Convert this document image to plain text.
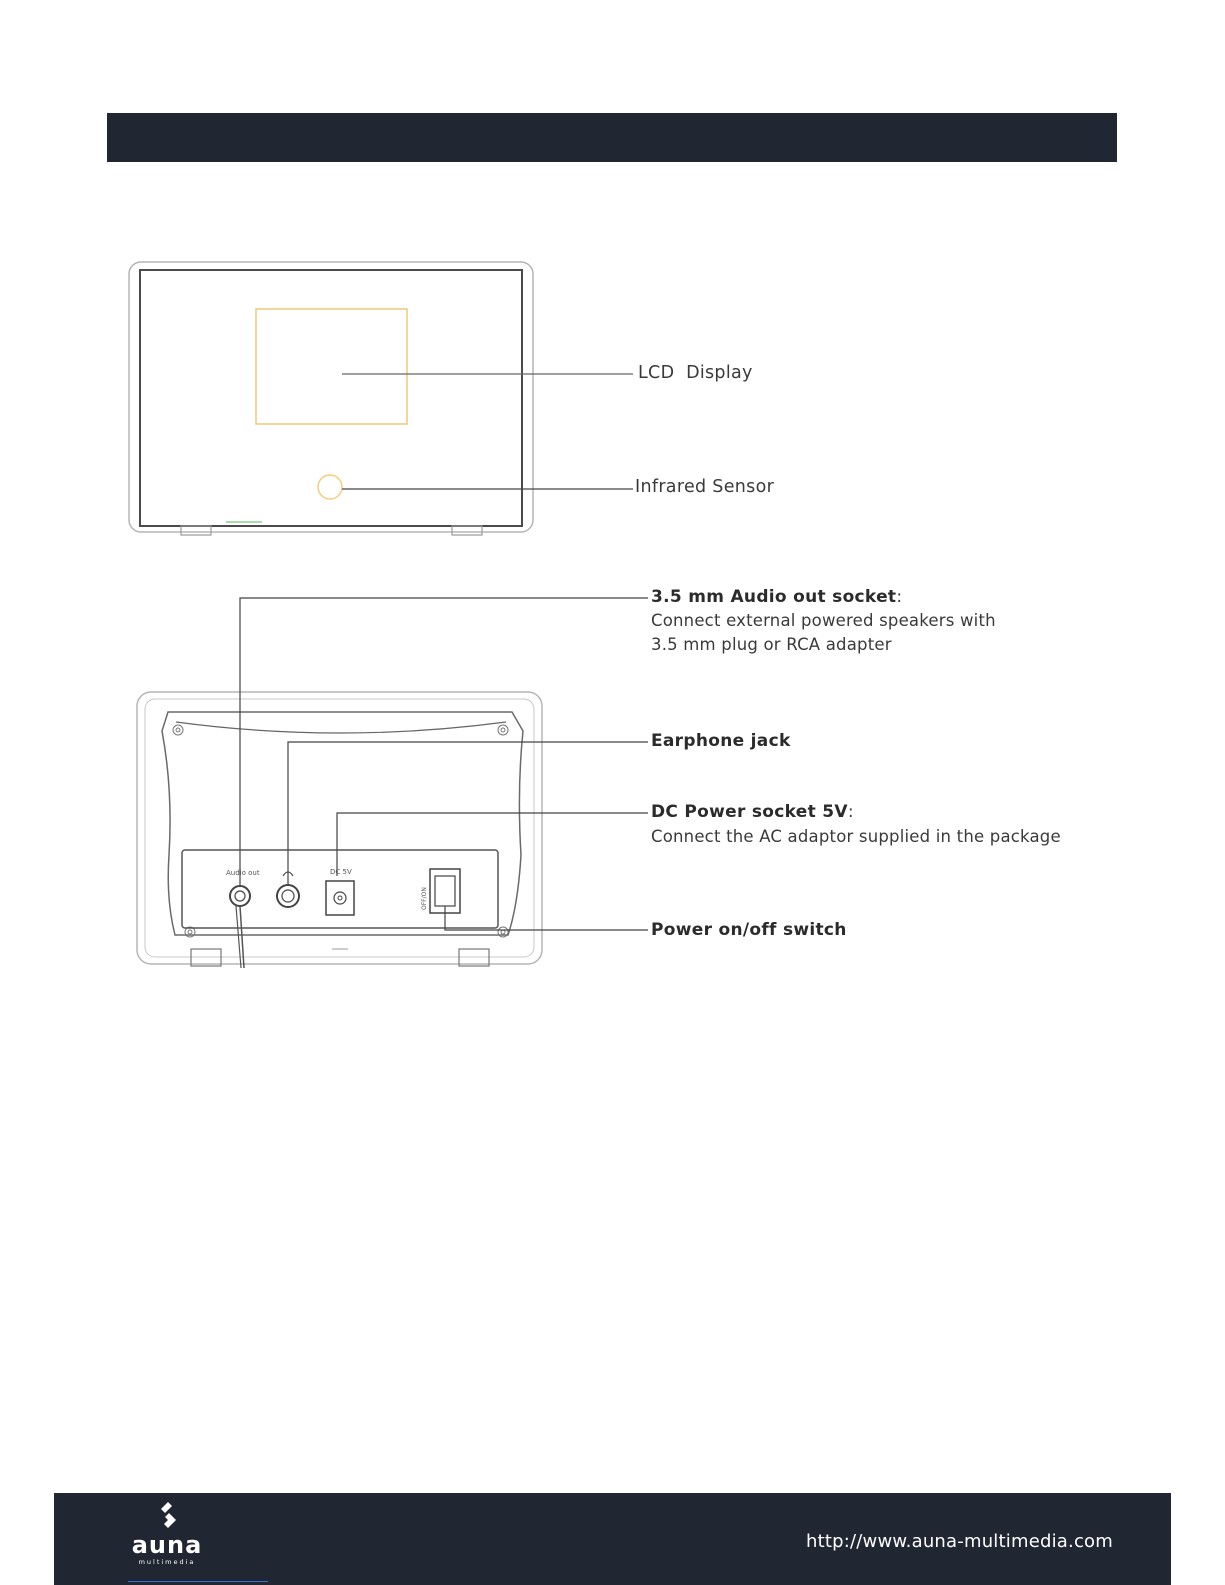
Audio out	DC 5V
OFF/ON
LCD  Display
Infrared Sensor
3.5 mm Audio out socket:
Connect external powered speakers with
3.5 mm plug or RCA adapter
Earphone jack
DC Power socket 5V:
Connect the AC adaptor supplied in the package
Power on/off switch
auna
multimedia
http://www.auna-multimedia.com
